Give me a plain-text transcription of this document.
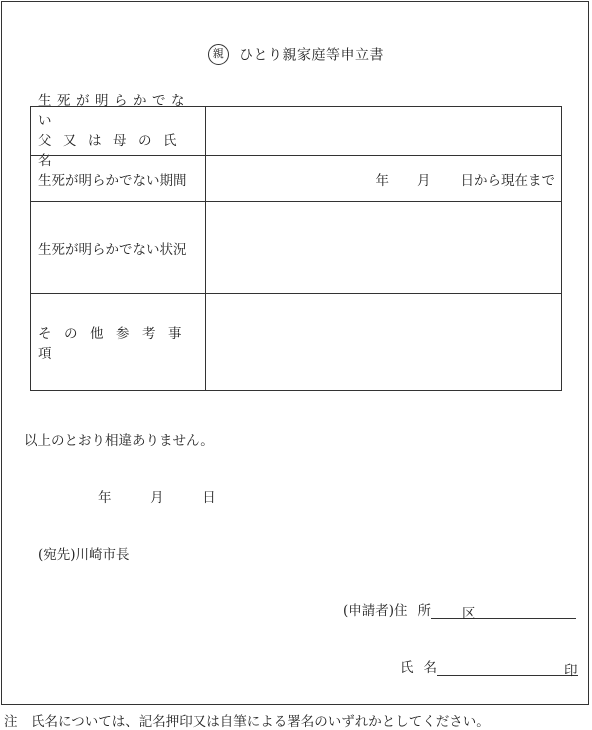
親 ひとり親家庭等申立書
生死が明らかでない
父又は母の氏名
生死が明らかでない期間	年 月 日から現在まで
生死が明らかでない状況
その他参考事項
以上のとおり相違ありません。
年	月	日
(宛先)川崎市長
(申請者)住 所 区
氏 名	印
注　氏名については、記名押印又は自筆による署名のいずれかとしてください。
